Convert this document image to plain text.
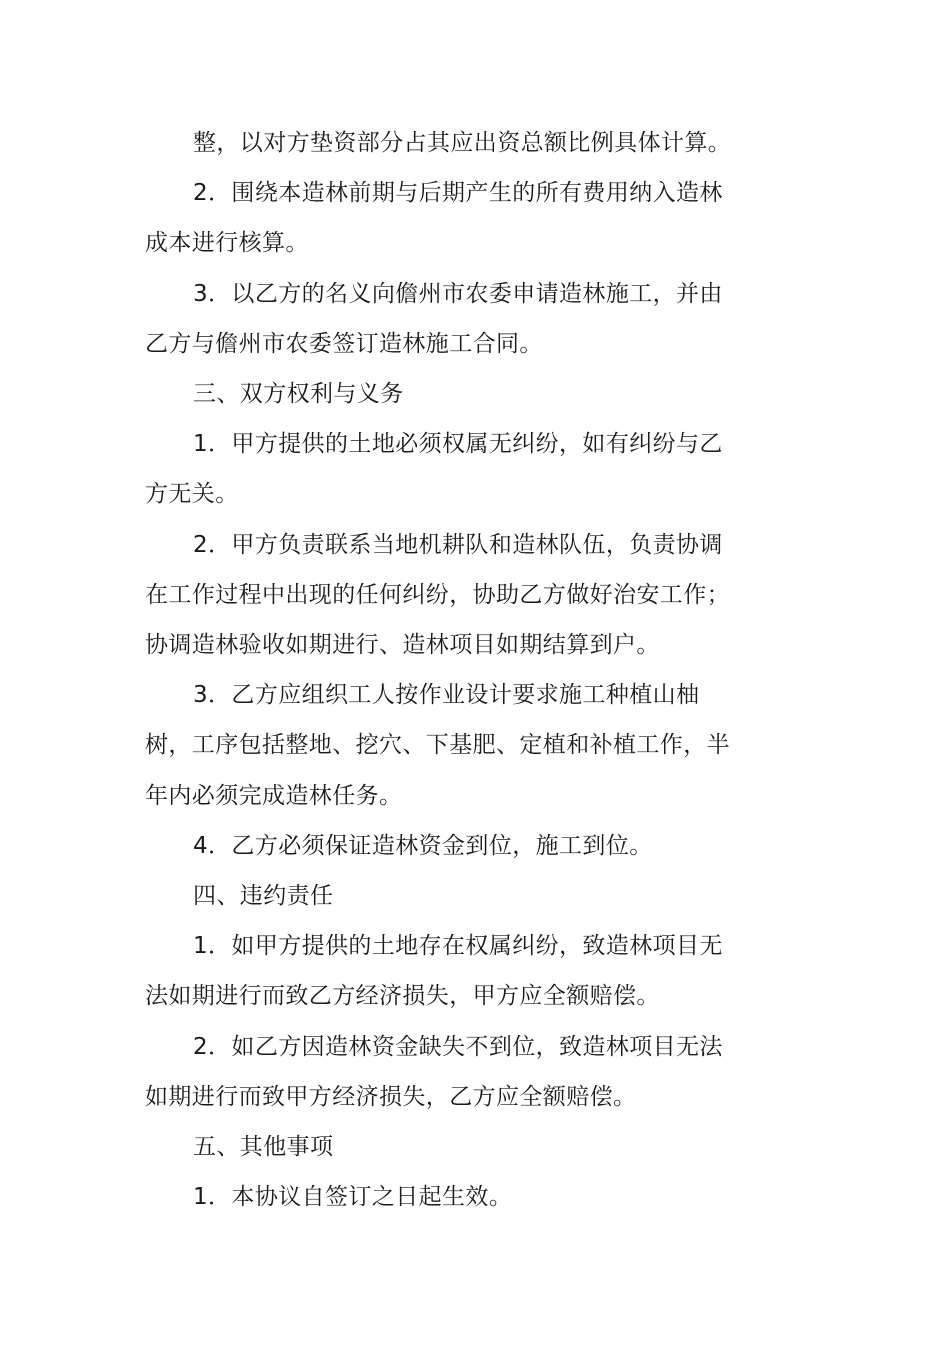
整，以对方垫资部分占其应出资总额比例具体计算。

2．围绕本造林前期与后期产生的所有费用纳入造林成本进行核算。

3．以乙方的名义向儋州市农委申请造林施工，并由乙方与儋州市农委签订造林施工合同。

三、双方权利与义务

1．甲方提供的土地必须权属无纠纷，如有纠纷与乙方无关。

2．甲方负责联系当地机耕队和造林队伍，负责协调在工作过程中出现的任何纠纷，协助乙方做好治安工作；协调造林验收如期进行、造林项目如期结算到户。

3．乙方应组织工人按作业设计要求施工种植山柚树，工序包括整地、挖穴、下基肥、定植和补植工作，半年内必须完成造林任务。

4．乙方必须保证造林资金到位，施工到位。

四、违约责任

1．如甲方提供的土地存在权属纠纷，致造林项目无法如期进行而致乙方经济损失，甲方应全额赔偿。

2．如乙方因造林资金缺失不到位，致造林项目无法如期进行而致甲方经济损失，乙方应全额赔偿。

五、其他事项

1．本协议自签订之日起生效。
